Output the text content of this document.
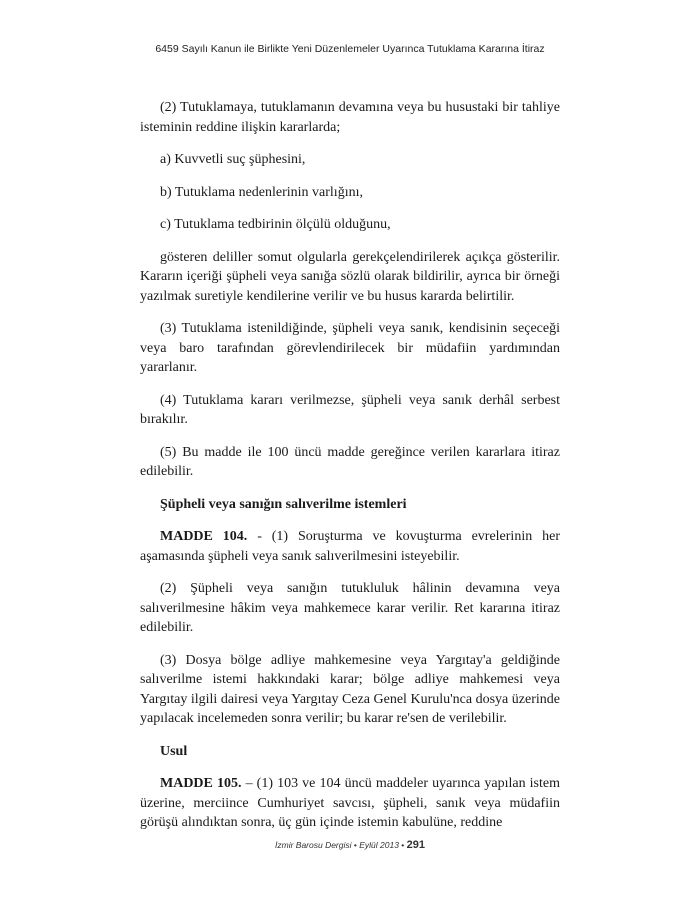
6459 Sayılı Kanun ile Birlikte Yeni Düzenlemeler Uyarınca Tutuklama Kararına İtiraz

(2) Tutuklamaya, tutuklamanın devamına veya bu husustaki bir tahliye isteminin reddine ilişkin kararlarda;

a) Kuvvetli suç şüphesini,

b) Tutuklama nedenlerinin varlığını,

c) Tutuklama tedbirinin ölçülü olduğunu,

gösteren deliller somut olgularla gerekçelendirilerek açıkça gösterilir. Kararın içeriği şüpheli veya sanığa sözlü olarak bildirilir, ayrıca bir örneği yazılmak suretiyle kendilerine verilir ve bu husus kararda belirtilir.

(3) Tutuklama istenildiğinde, şüpheli veya sanık, kendisinin seçeceği veya baro tarafından görevlendirilecek bir müdafiin yardımından yararlanır.

(4) Tutuklama kararı verilmezse, şüpheli veya sanık derhâl serbest bırakılır.

(5) Bu madde ile 100 üncü madde gereğince verilen kararlara itiraz edilebilir.

Şüpheli veya sanığın salıverilme istemleri

MADDE 104. - (1) Soruşturma ve kovuşturma evrelerinin her aşamasında şüpheli veya sanık salıverilmesini isteyebilir.

(2) Şüpheli veya sanığın tutukluluk hâlinin devamına veya salıverilmesine hâkim veya mahkemece karar verilir. Ret kararına itiraz edilebilir.

(3) Dosya bölge adliye mahkemesine veya Yargıtay'a geldiğinde salıverilme istemi hakkındaki karar; bölge adliye mahkemesi veya Yargıtay ilgili dairesi veya Yargıtay Ceza Genel Kurulu'nca dosya üzerinde yapılacak incelemeden sonra verilir; bu karar re'sen de verilebilir.

Usul

MADDE 105. – (1) 103 ve 104 üncü maddeler uyarınca yapılan istem üzerine, merciince Cumhuriyet savcısı, şüpheli, sanık veya müdafiin görüşü alındıktan sonra, üç gün içinde istemin kabulüne, reddine

İzmir Barosu Dergisi • Eylül 2013 • 291
